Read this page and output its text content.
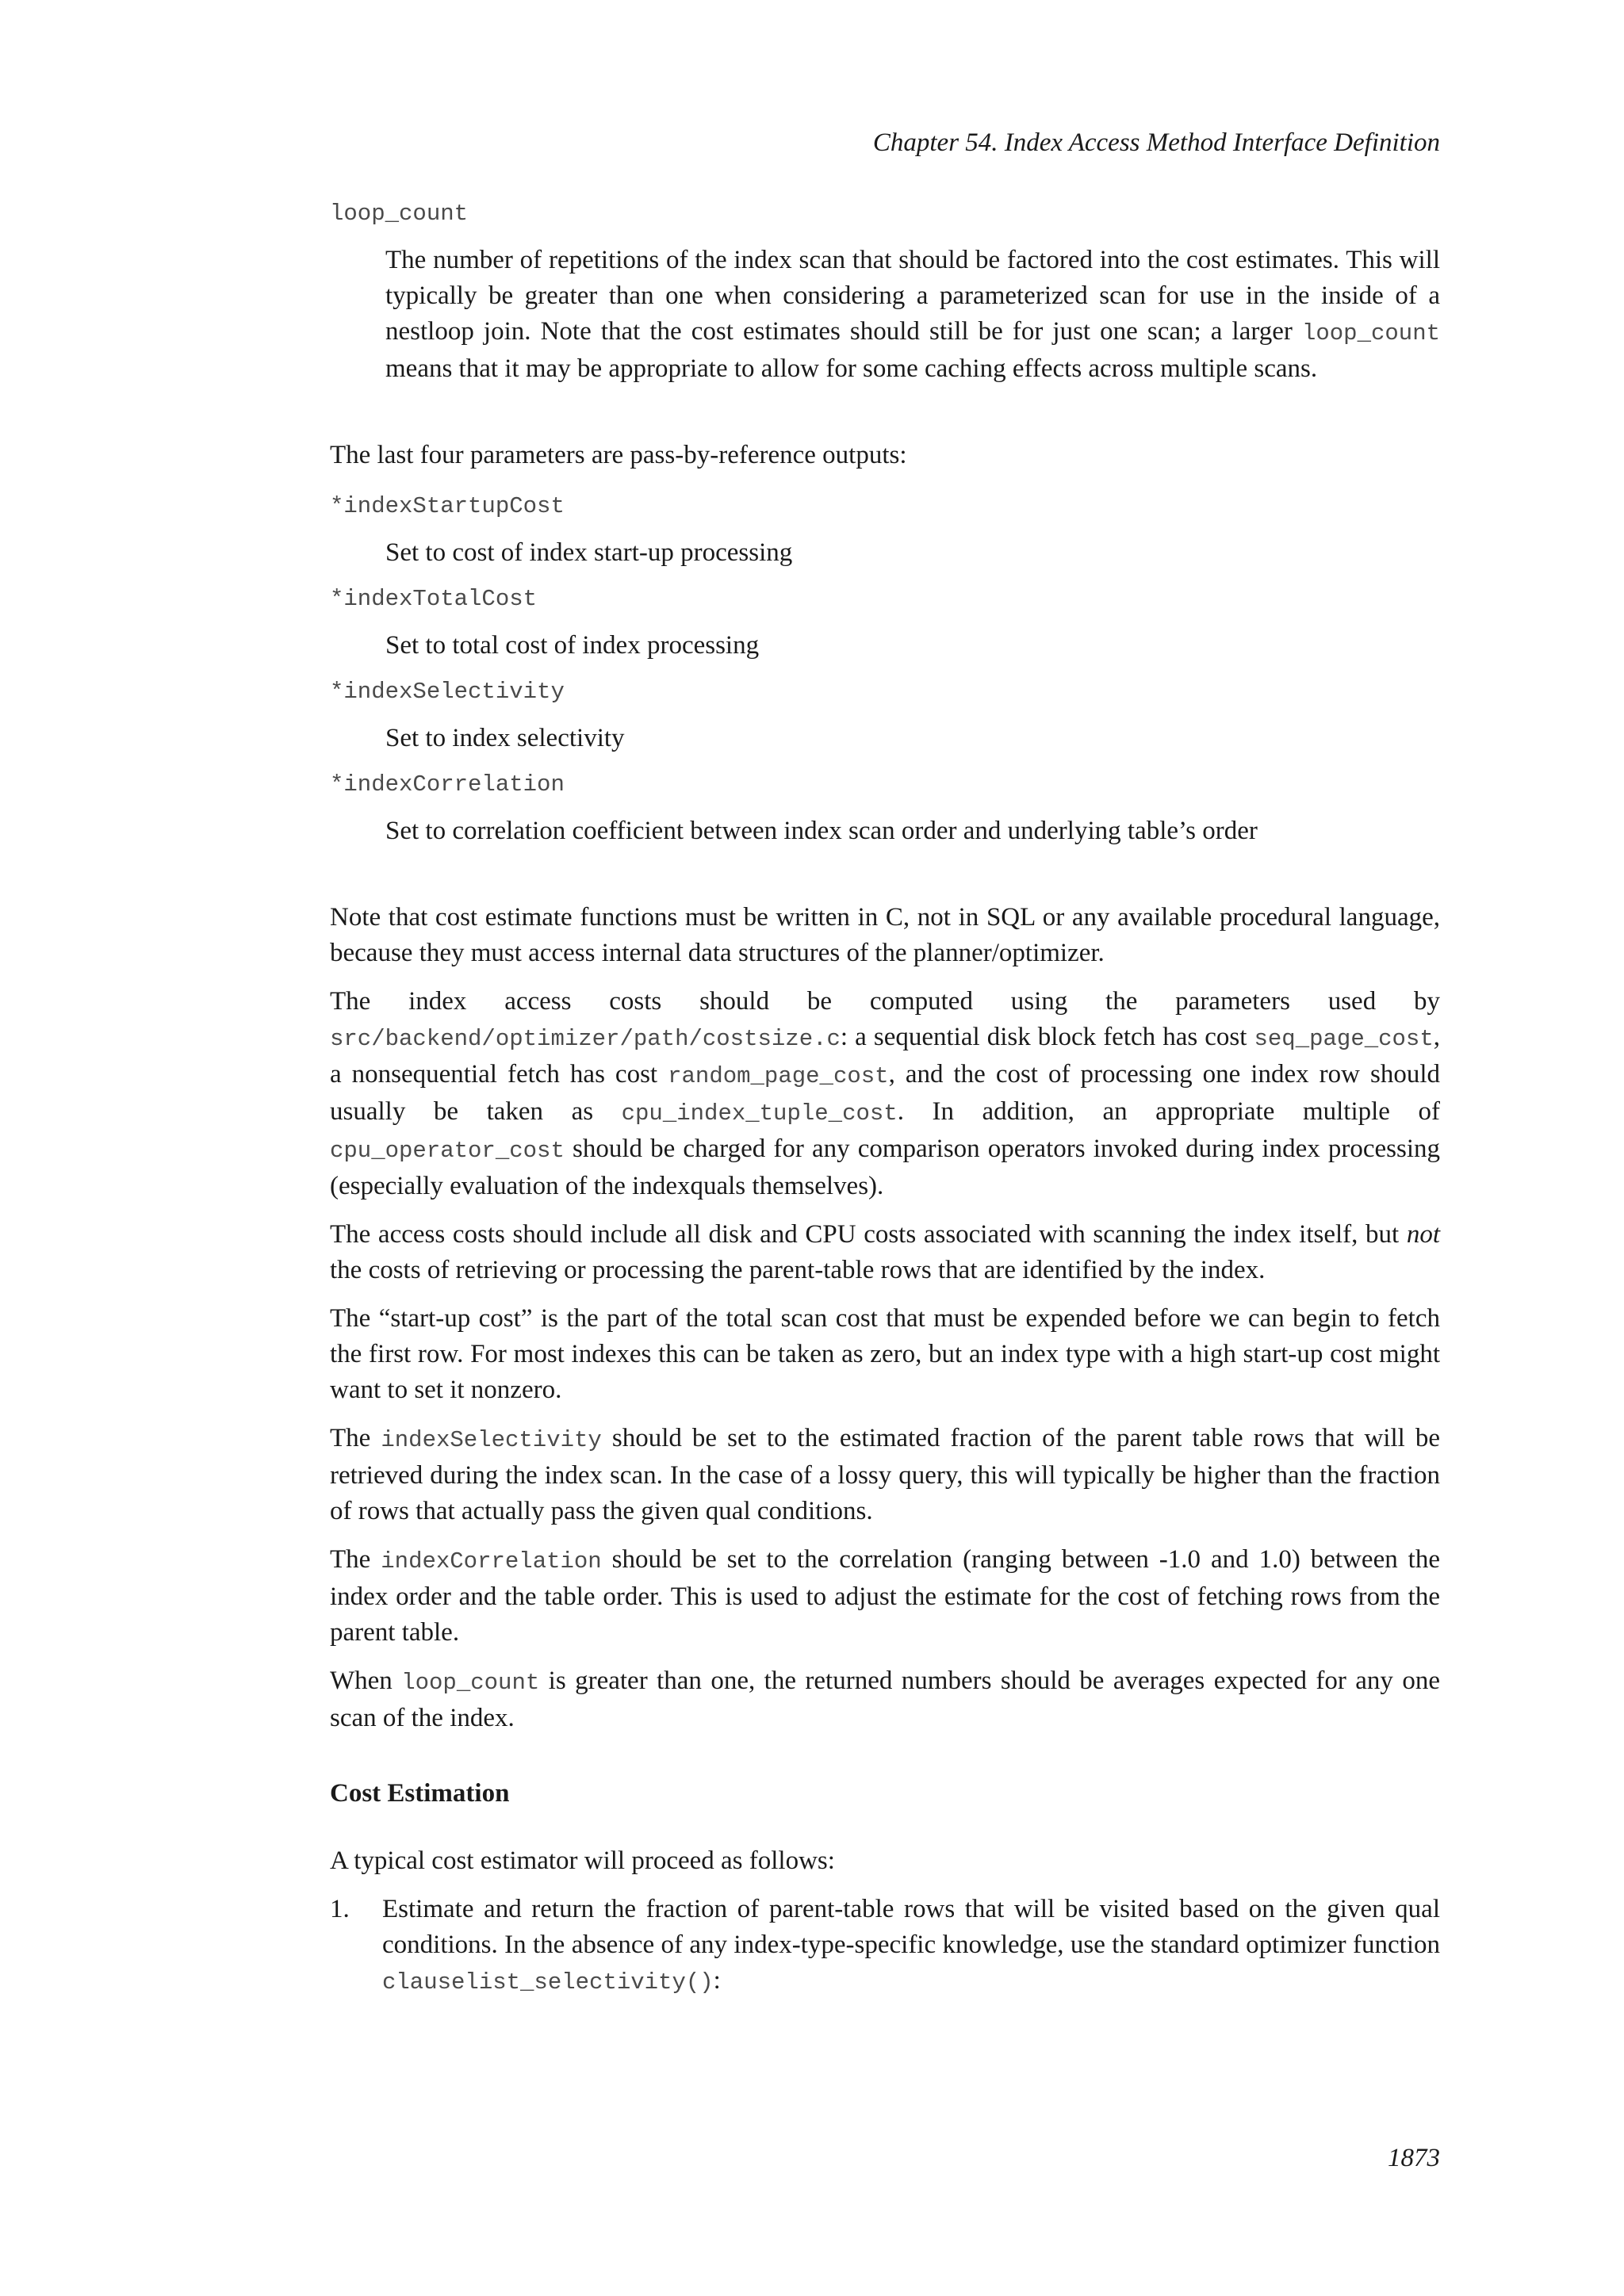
Chapter 54. Index Access Method Interface Definition
loop_count

The number of repetitions of the index scan that should be factored into the cost estimates. This will typically be greater than one when considering a parameterized scan for use in the inside of a nestloop join. Note that the cost estimates should still be for just one scan; a larger loop_count means that it may be appropriate to allow for some caching effects across multiple scans.

The last four parameters are pass-by-reference outputs:

*indexStartupCost

Set to cost of index start-up processing

*indexTotalCost

Set to total cost of index processing

*indexSelectivity

Set to index selectivity

*indexCorrelation

Set to correlation coefficient between index scan order and underlying table’s order

Note that cost estimate functions must be written in C, not in SQL or any available procedural language, because they must access internal data structures of the planner/optimizer.

The index access costs should be computed using the parameters used by src/backend/optimizer/path/costsize.c: a sequential disk block fetch has cost seq_page_cost, a nonsequential fetch has cost random_page_cost, and the cost of processing one index row should usually be taken as cpu_index_tuple_cost. In addition, an appropriate multiple of cpu_operator_cost should be charged for any comparison operators invoked during index processing (especially evaluation of the indexquals themselves).

The access costs should include all disk and CPU costs associated with scanning the index itself, but not the costs of retrieving or processing the parent-table rows that are identified by the index.

The “start-up cost” is the part of the total scan cost that must be expended before we can begin to fetch the first row. For most indexes this can be taken as zero, but an index type with a high start-up cost might want to set it nonzero.

The indexSelectivity should be set to the estimated fraction of the parent table rows that will be retrieved during the index scan. In the case of a lossy query, this will typically be higher than the fraction of rows that actually pass the given qual conditions.

The indexCorrelation should be set to the correlation (ranging between -1.0 and 1.0) between the index order and the table order. This is used to adjust the estimate for the cost of fetching rows from the parent table.

When loop_count is greater than one, the returned numbers should be averages expected for any one scan of the index.

Cost Estimation

A typical cost estimator will proceed as follows:

1.	Estimate and return the fraction of parent-table rows that will be visited based on the given qual conditions. In the absence of any index-type-specific knowledge, use the standard optimizer function clauselist_selectivity():
1873
